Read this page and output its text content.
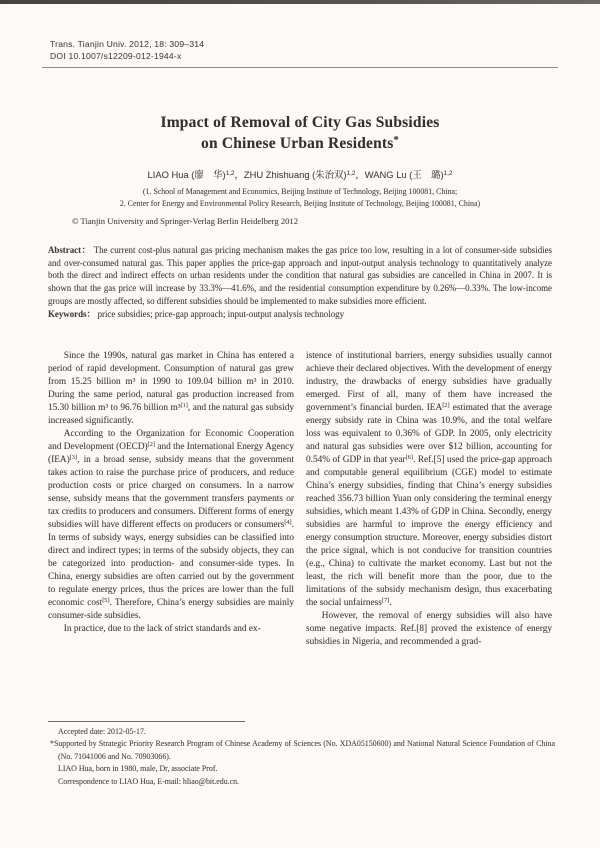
Trans. Tianjin Univ. 2012, 18: 309–314
DOI 10.1007/s12209-012-1944-x
Impact of Removal of City Gas Subsidies
on Chinese Urban Residents*
LIAO Hua (廖　华)$^{1,2}$，ZHU Zhishuang (朱治双)$^{1,2}$，WANG Lu (王　璐)$^{1,2}$
(1. School of Management and Economics, Beijing Institute of Technology, Beijing 100081, China;
2. Center for Energy and Environmental Policy Research, Beijing Institute of Technology, Beijing 100081, China)
© Tianjin University and Springer-Verlag Berlin Heidelberg 2012

Abstract： The current cost-plus natural gas pricing mechanism makes the gas price too low, resulting in a lot of consumer-side subsidies and over-consumed natural gas. This paper applies the price-gap approach and input-output analysis technology to quantitatively analyze both the direct and indirect effects on urban residents under the condition that natural gas subsidies are cancelled in China in 2007. It is shown that the gas price will increase by 33.3%—41.6%, and the residential consumption expenditure by 0.26%—0.33%. The low-income groups are mostly affected, so different subsidies should be implemented to make subsidies more efficient.

Keywords： price subsidies; price-gap approach; input-output analysis technology

Since the 1990s, natural gas market in China has entered a period of rapid development. Consumption of natural gas grew from 15.25 billion m³ in 1990 to 109.04 billion m³ in 2010. During the same period, natural gas production increased from 15.30 billion m³ to 96.76 billion m³[1], and the natural gas subsidy increased significantly.

According to the Organization for Economic Cooperation and Development (OECD)[2] and the International Energy Agency (IEA)[3], in a broad sense, subsidy means that the government takes action to raise the purchase price of producers, and reduce production costs or price charged on consumers. In a narrow sense, subsidy means that the government transfers payments or tax credits to producers and consumers. Different forms of energy subsidies will have different effects on producers or consumers[4]. In terms of subsidy ways, energy subsidies can be classified into direct and indirect types; in terms of the subsidy objects, they can be categorized into production- and consumer-side types. In China, energy subsidies are often carried out by the government to regulate energy prices, thus the prices are lower than the full economic cost[5]. Therefore, China’s energy subsidies are mainly consumer-side subsidies.

In practice, due to the lack of strict standards and ex-

istence of institutional barriers, energy subsidies usually cannot achieve their declared objectives. With the development of energy industry, the drawbacks of energy subsidies have gradually emerged. First of all, many of them have increased the government’s financial burden. IEA[2] estimated that the average energy subsidy rate in China was 10.9%, and the total welfare loss was equivalent to 0.36% of GDP. In 2005, only electricity and natural gas subsidies were over $12 billion, accounting for 0.54% of GDP in that year[6]. Ref.[5] used the price-gap approach and computable general equilibrium (CGE) model to estimate China’s energy subsidies, finding that China’s energy subsidies reached 356.73 billion Yuan only considering the terminal energy subsidies, which meant 1.43% of GDP in China. Secondly, energy subsidies are harmful to improve the energy efficiency and energy consumption structure. Moreover, energy subsidies distort the price signal, which is not conducive for transition countries (e.g., China) to cultivate the market economy. Last but not the least, the rich will benefit more than the poor, due to the limitations of the subsidy mechanism design, thus exacerbating the social unfairness[7].

However, the removal of energy subsidies will also have some negative impacts. Ref.[8] proved the existence of energy subsidies in Nigeria, and recommended a grad-

Accepted date: 2012-05-17.

*Supported by Strategic Priority Research Program of Chinese Academy of Sciences (No. XDA05150600) and National Natural Science Foundation of China (No. 71041006 and No. 70903066).

LIAO Hua, born in 1980, male, Dr, associate Prof.

Correspondence to LIAO Hua, E-mail: hliao@bit.edu.cn.
